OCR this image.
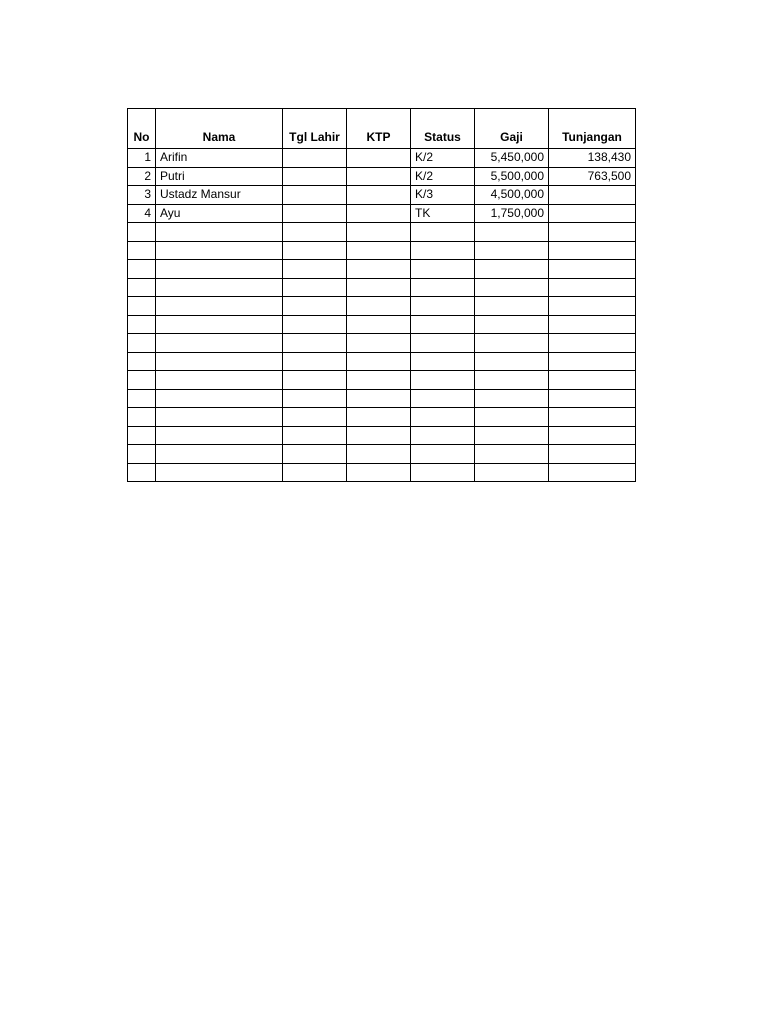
No	Nama	Tgl Lahir	KTP	Status	Gaji	Tunjangan
1	Arifin			K/2	5,450,000	138,430
2	Putri			K/2	5,500,000	763,500
3	Ustadz Mansur			K/3	4,500,000	
4	Ayu			TK	1,750,000	
